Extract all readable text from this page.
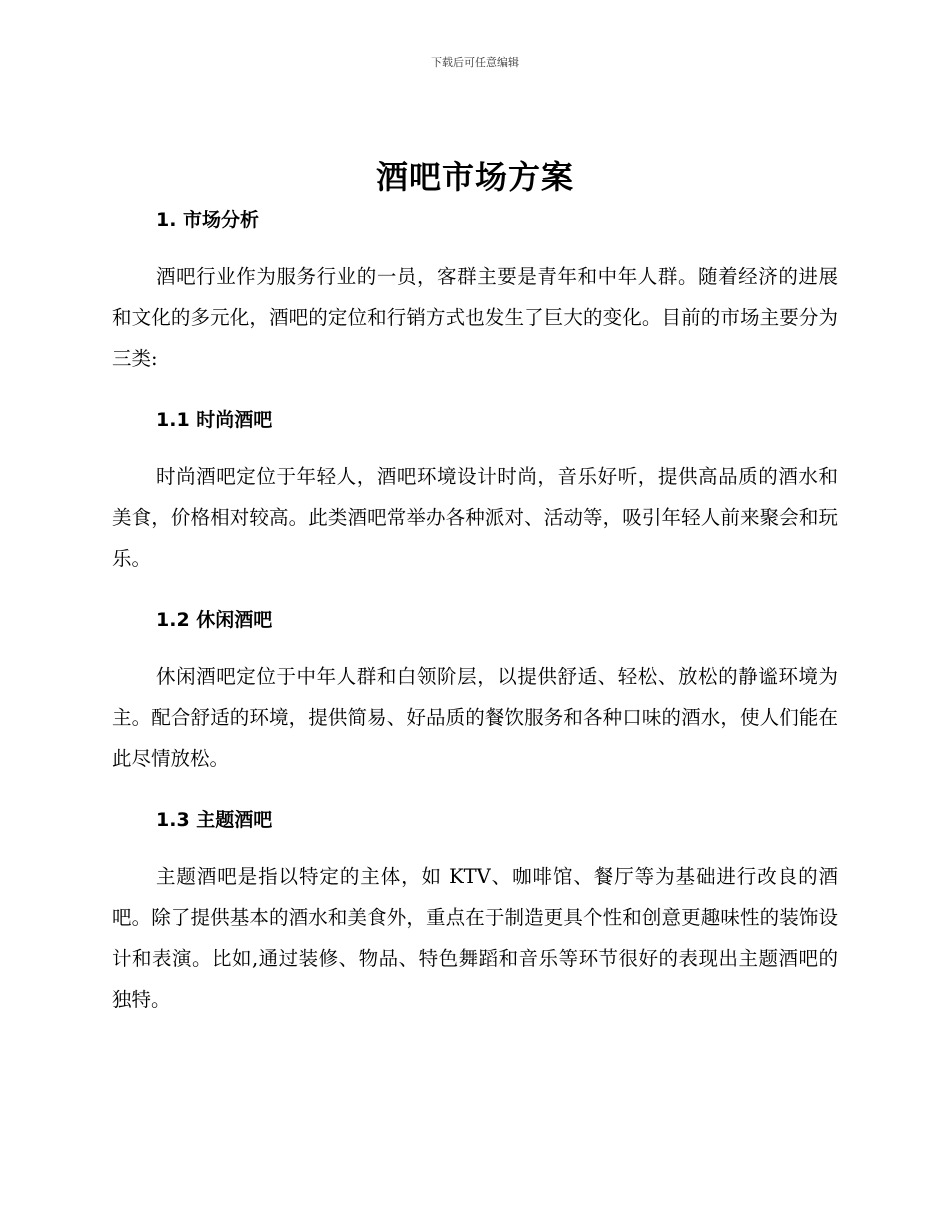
下载后可任意编辑
酒吧市场方案
1. 市场分析

酒吧行业作为服务行业的一员，客群主要是青年和中年人群。随着经济的进展和文化的多元化，酒吧的定位和行销方式也发生了巨大的变化。目前的市场主要分为三类:

1.1 时尚酒吧

时尚酒吧定位于年轻人，酒吧环境设计时尚，音乐好听，提供高品质的酒水和美食，价格相对较高。此类酒吧常举办各种派对、活动等，吸引年轻人前来聚会和玩乐。

1.2 休闲酒吧

休闲酒吧定位于中年人群和白领阶层，以提供舒适、轻松、放松的静谧环境为主。配合舒适的环境，提供简易、好品质的餐饮服务和各种口味的酒水，使人们能在此尽情放松。

1.3 主题酒吧

主题酒吧是指以特定的主体，如 KTV、咖啡馆、餐厅等为基础进行改良的酒吧。除了提供基本的酒水和美食外，重点在于制造更具个性和创意更趣味性的装饰设计和表演。比如,通过装修、物品、特色舞蹈和音乐等环节很好的表现出主题酒吧的独特。
